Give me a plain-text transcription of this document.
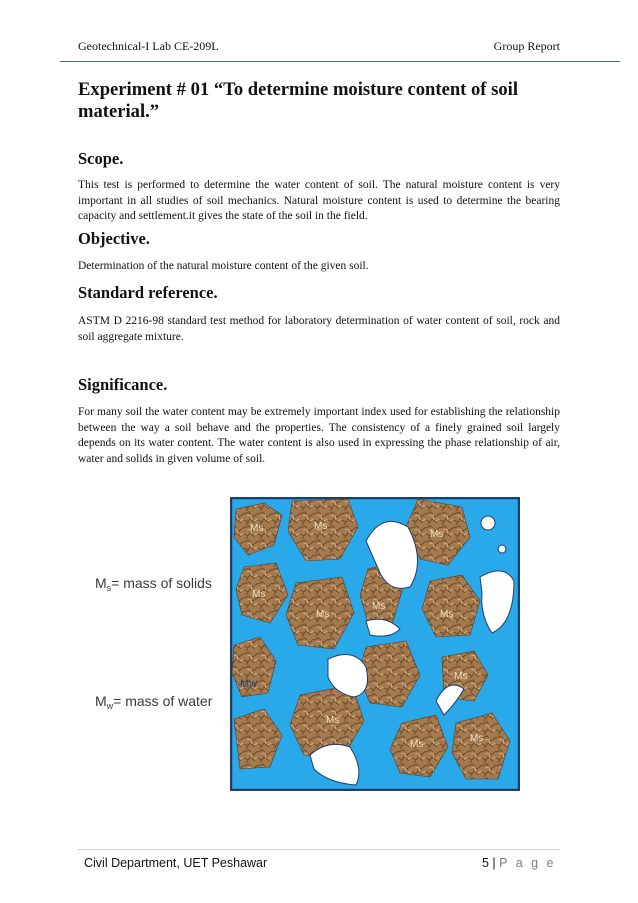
Geotechnical-I Lab CE-209L	Group Report
Experiment # 01 “To determine moisture content of soil material.”
Scope.

This test is performed to determine the water content of soil. The natural moisture content is very important in all studies of soil mechanics. Natural moisture content is used to determine the bearing capacity and settlement.it gives the state of the soil in the field.

Objective.

Determination of the natural moisture content of the given soil.

Standard reference.

ASTM D 2216-98 standard test method for laboratory determination of water content of soil, rock and soil aggregate mixture.

Significance.

For many soil the water content may be extremely important index used for establishing the relationship between the way a soil behave and the properties. The consistency of a finely grained soil largely depends on its water content. The water content is also used in expressing the phase relationship of air, water and solids in given volume of soil.

$M_s=$ mass of solids
$M_w=$ mass of water
Ms	Ms
Ms
Ms
Ms
Ms
Ms
Ms
Ms
Ms
Ms
Mw
Civil Department, UET Peshawar	5 | P a g e
